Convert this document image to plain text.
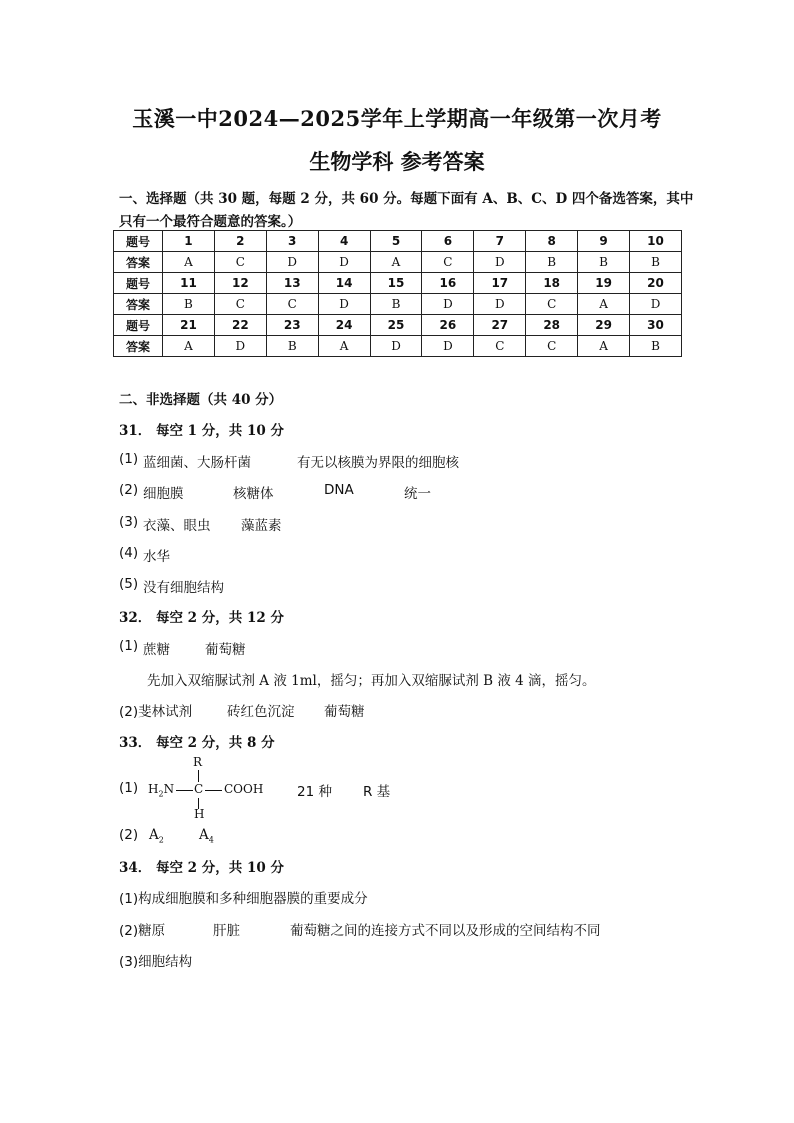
玉溪一中2024—2025学年上学期高一年级第一次月考
生物学科 参考答案
一、选择题（共 30 题，每题 2 分，共 60 分。每题下面有 A、B、C、D 四个备选答案，其中
只有一个最符合题意的答案。）
题号	1	2	3	4	5	6	7	8	9	10
答案	A	C	D	D	A	C	D	B	B	B
题号	11	12	13	14	15	16	17	18	19	20
答案	B	C	C	D	B	D	D	C	A	D
题号	21	22	23	24	25	26	27	28	29	30
答案	A	D	B	A	D	D	C	C	A	B
二、非选择题（共 40 分）
31． 每空 1 分，共 10 分
(1) 蓝细菌、大肠杆菌	有无以核膜为界限的细胞核
(2) 细胞膜	核糖体	DNA	统一
(3) 衣藻、眼虫 藻蓝素
(4) 水华
(5) 没有细胞结构
32． 每空 2 分，共 12 分
(1) 蔗糖	葡萄糖
先加入双缩脲试剂 A 液 1ml，摇匀；再加入双缩脲试剂 B 液 4 滴，摇匀。
(2)斐林试剂	砖红色沉淀 葡萄糖
33． 每空 2 分，共 8 分
(1)
R
$H_2N$ C COOH
H
21 种 R 基
(2) $A_2$	$A_4$
34． 每空 2 分，共 10 分
(1)构成细胞膜和多种细胞器膜的重要成分
(2)糖原	肝脏	葡萄糖之间的连接方式不同以及形成的空间结构不同
(3)细胞结构
